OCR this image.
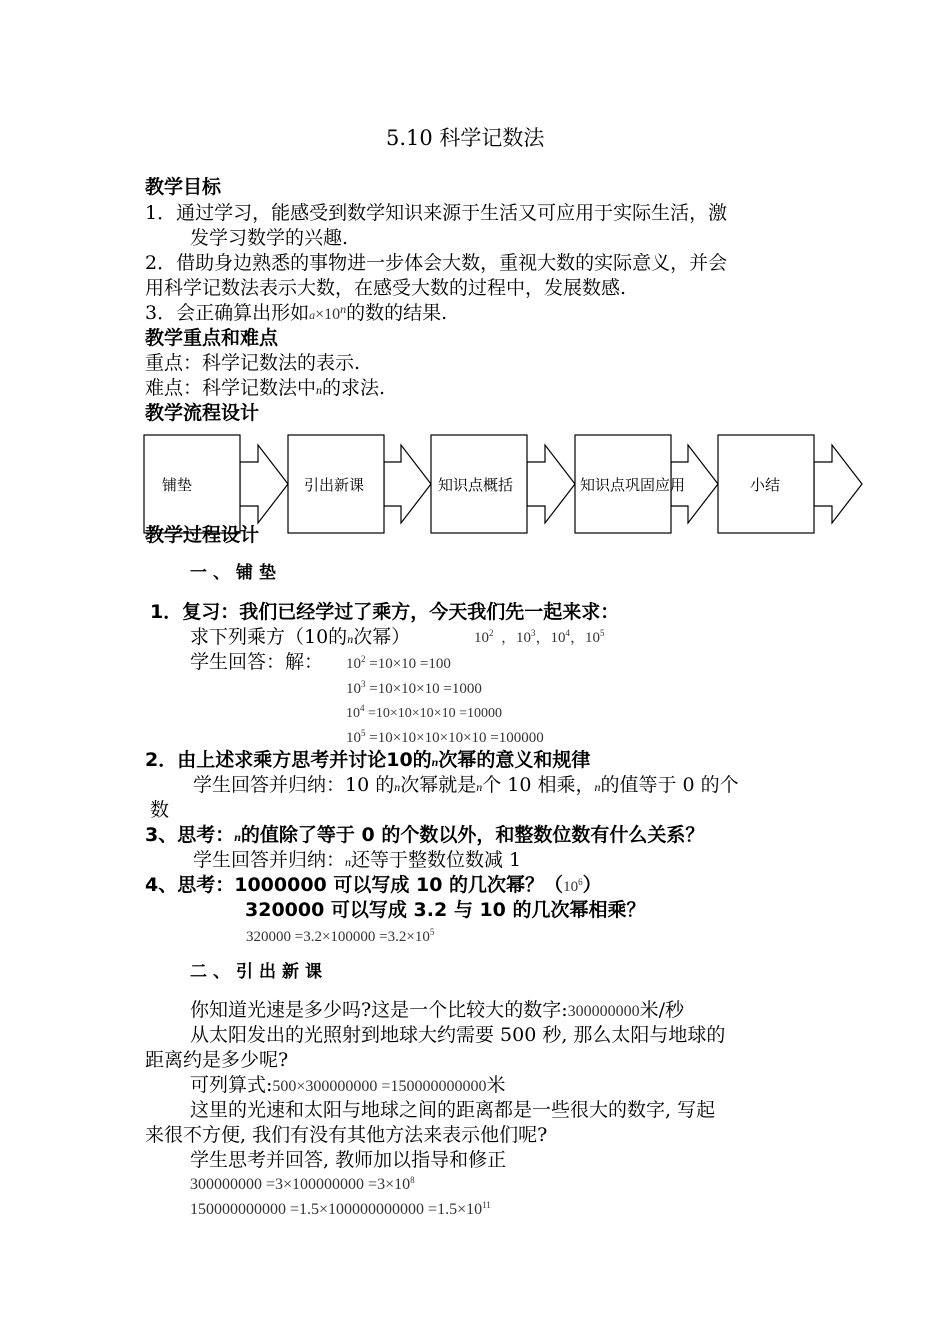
5.10 科学记数法
教学目标
1．通过学习，能感受到数学知识来源于生活又可应用于实际生活，激
发学习数学的兴趣.
2．借助身边熟悉的事物进一步体会大数，重视大数的实际意义，并会
用科学记数法表示大数，在感受大数的过程中，发展数感.
3．会正确算出形如$a\times 10^n$的数的结果.
教学重点和难点
重点：科学记数法的表示.
难点：科学记数法中n的求法.
教学流程设计
铺垫	引出新课	知识点概括	知识点巩固应用	小结
教学过程设计
一、铺垫
1．复习：我们已经学过了乘方，今天我们先一起来求：
求下列乘方（10的n次幂）	$10^2$  ，$10^3$，$10^4$，$10^5$
学生回答：解： $10^2 =10\times 10 =100$
$10^3 =10\times 10\times 10 =1000$
$10^4 =10\times 10\times 10\times 10 =10000$
$10^5 =10\times 10\times 10\times 10\times 10 =100000$
2．由上述求乘方思考并讨论10的n次幂的意义和规律
学生回答并归纳：10 的n次幂就是n个 10 相乘，n的值等于 0 的个
数
3、思考：n的值除了等于 0 的个数以外，和整数位数有什么关系？
学生回答并归纳：n还等于整数位数减 1
4、思考：1000000 可以写成 10 的几次幂？$(10^6)$
320000 可以写成 3.2 与 10 的几次幂相乘？
$320000 =3.2\times 100000 =3.2\times 10^5$
二、引出新课
你知道光速是多少吗?这是一个比较大的数字:300000000米/秒
从太阳发出的光照射到地球大约需要 500 秒, 那么太阳与地球的
距离约是多少呢?
可列算式:500×300000000 =150000000000米
这里的光速和太阳与地球之间的距离都是一些很大的数字, 写起
来很不方便, 我们有没有其他方法来表示他们呢?
学生思考并回答, 教师加以指导和修正
$300000000 =3\times 100000000 =3\times 10^8$
$150000000000 =1.5\times 100000000000 =1.5\times 10^{11}$
